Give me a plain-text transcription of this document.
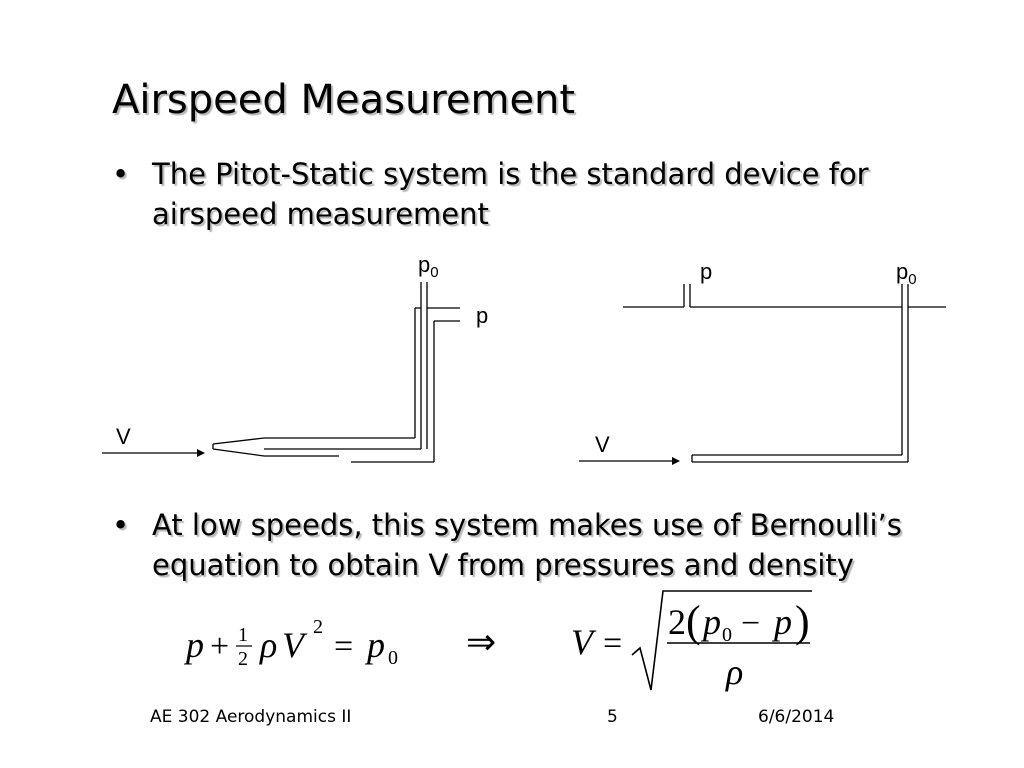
Airspeed Measurement
• The Pitot-Static system is the standard device for airspeed measurement
$p_0$
p
V
p	$p_0$
V
• At low speeds, this system makes use of Bernoulli’s equation to obtain V from pressures and density
p + 1
2 ρ V 2
= p 0 ⇒ V =
2 ( p 0 − p )
ρ
AE 302 Aerodynamics II	5	6/6/2014
